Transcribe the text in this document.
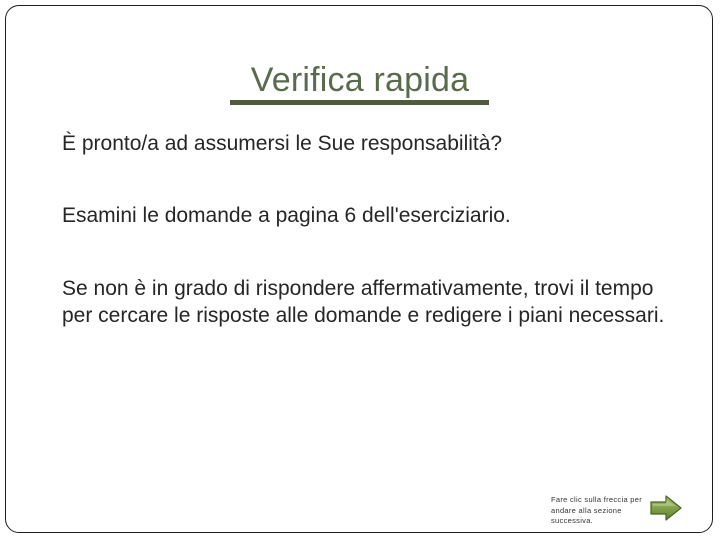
Verifica rapida
È pronto/a ad assumersi le Sue responsabilità?
Esamini le domande a pagina 6 dell'eserciziario.
Se non è in grado di rispondere affermativamente, trovi il tempo per cercare le risposte alle domande e redigere i piani necessari.
Fare clic sulla freccia per andare alla sezione successiva.
